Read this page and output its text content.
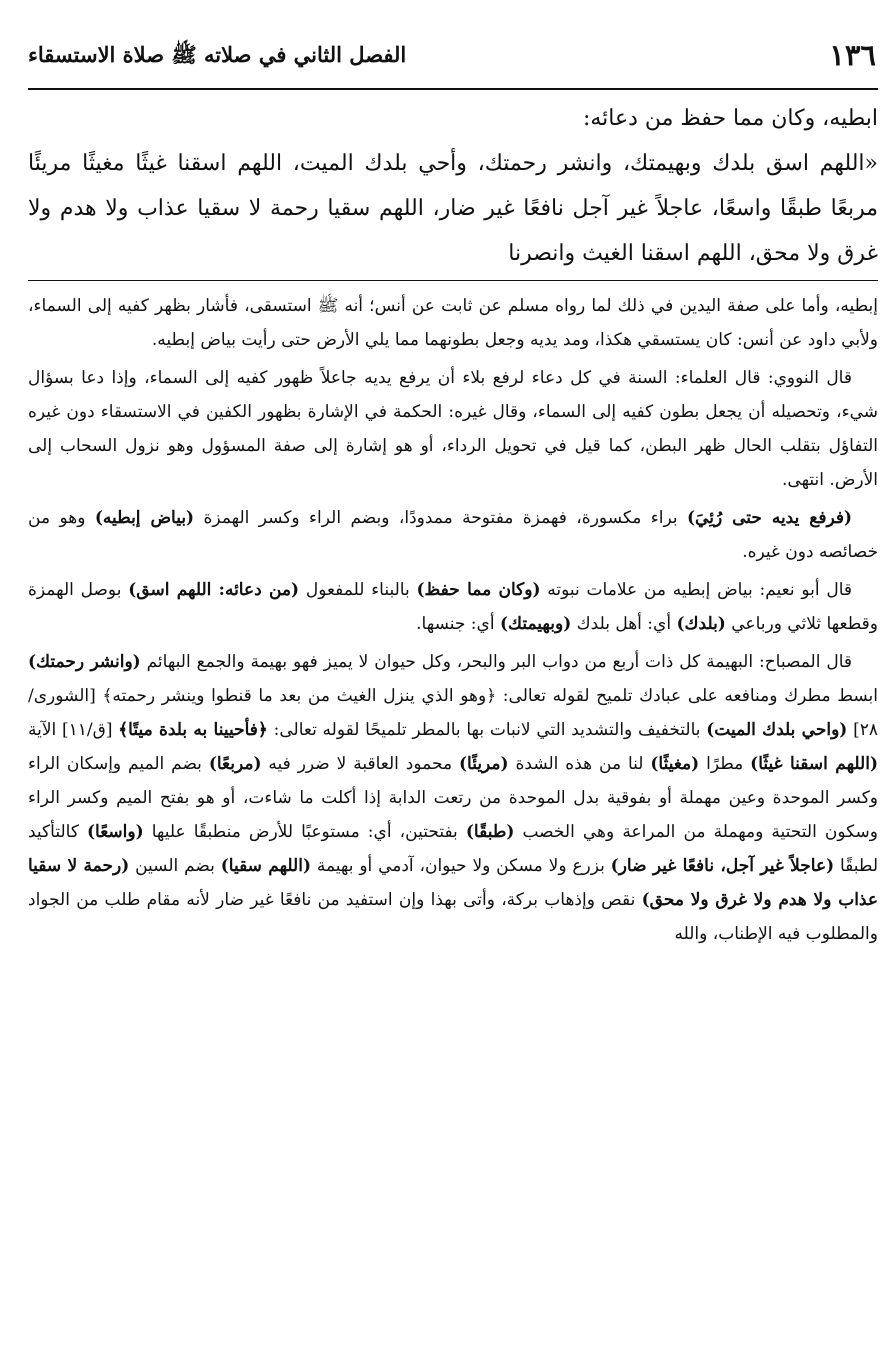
١٣٦
الفصل الثاني في صلاته ﷺ صلاة الاستسقاء

ابطيه، وكان مما حفظ من دعائه:

«اللهم اسق بلدك وبهيمتك، وانشر رحمتك، وأحي بلدك الميت، اللهم اسقنا غيثًا مغيثًا مريئًا مربعًا طبقًا واسعًا، عاجلاً غير آجل نافعًا غير ضار، اللهم سقيا رحمة لا سقيا عذاب ولا هدم ولا غرق ولا محق، اللهم اسقنا الغيث وانصرنا

إبطيه، وأما على صفة اليدين في ذلك لما رواه مسلم عن ثابت عن أنس؛ أنه ﷺ استسقى، فأشار بظهر كفيه إلى السماء، ولأبي داود عن أنس: كان يستسقي هكذا، ومد يديه وجعل بطونهما مما يلي الأرض حتى رأيت بياض إبطيه.

قال النووي: قال العلماء: السنة في كل دعاء لرفع بلاء أن يرفع يديه جاعلاً ظهور كفيه إلى السماء، وإذا دعا بسؤال شيء، وتحصيله أن يجعل بطون كفيه إلى السماء، وقال غيره: الحكمة في الإشارة بظهور الكفين في الاستسقاء دون غيره التفاؤل بتقلب الحال ظهر البطن، كما قيل في تحويل الرداء، أو هو إشارة إلى صفة المسؤول وهو نزول السحاب إلى الأرض. انتهى.

(فرفع يديه حتى رُئِيَ) براء مكسورة، فهمزة مفتوحة ممدودًا، وبضم الراء وكسر الهمزة (بياض إبطيه) وهو من خصائصه دون غيره.

قال أبو نعيم: بياض إبطيه من علامات نبوته (وكان مما حفظ) بالبناء للمفعول (من دعائه: اللهم اسق) بوصل الهمزة وقطعها ثلاثي ورباعي (بلدك) أي: أهل بلدك (وبهيمتك) أي: جنسها.

قال المصباح: البهيمة كل ذات أربع من دواب البر والبحر، وكل حيوان لا يميز فهو بهيمة والجمع البهائم (وانشر رحمتك) ابسط مطرك ومنافعه على عبادك تلميح لقوله تعالى: ﴿وهو الذي ينزل الغيث من بعد ما قنطوا وينشر رحمته﴾ [الشورى/٢٨] (واحي بلدك الميت) بالتخفيف والتشديد التي لانبات بها بالمطر تلميحًا لقوله تعالى: ﴿فأحيينا به بلدة ميتًا﴾ [ق/١١] الآية (اللهم اسقنا غيثًا) مطرًا (مغيثًا) لنا من هذه الشدة (مريئًا) محمود العاقبة لا ضرر فيه (مربعًا) بضم الميم وإسكان الراء وكسر الموحدة وعين مهملة أو بفوقية بدل الموحدة من رتعت الدابة إذا أكلت ما شاءت، أو هو بفتح الميم وكسر الراء وسكون التحتية ومهملة من المراعة وهي الخصب (طبقًا) بفتحتين، أي: مستوعبًا للأرض منطبقًا عليها (واسعًا) كالتأكيد لطبقًا (عاجلاً غير آجل، نافعًا غير ضار) بزرع ولا مسكن ولا حيوان، آدمي أو بهيمة (اللهم سقيا) بضم السين (رحمة لا سقيا عذاب ولا هدم ولا غرق ولا محق) نقص وإذهاب بركة، وأتى بهذا وإن استفيد من نافعًا غير ضار لأنه مقام طلب من الجواد والمطلوب فيه الإطناب، والله
